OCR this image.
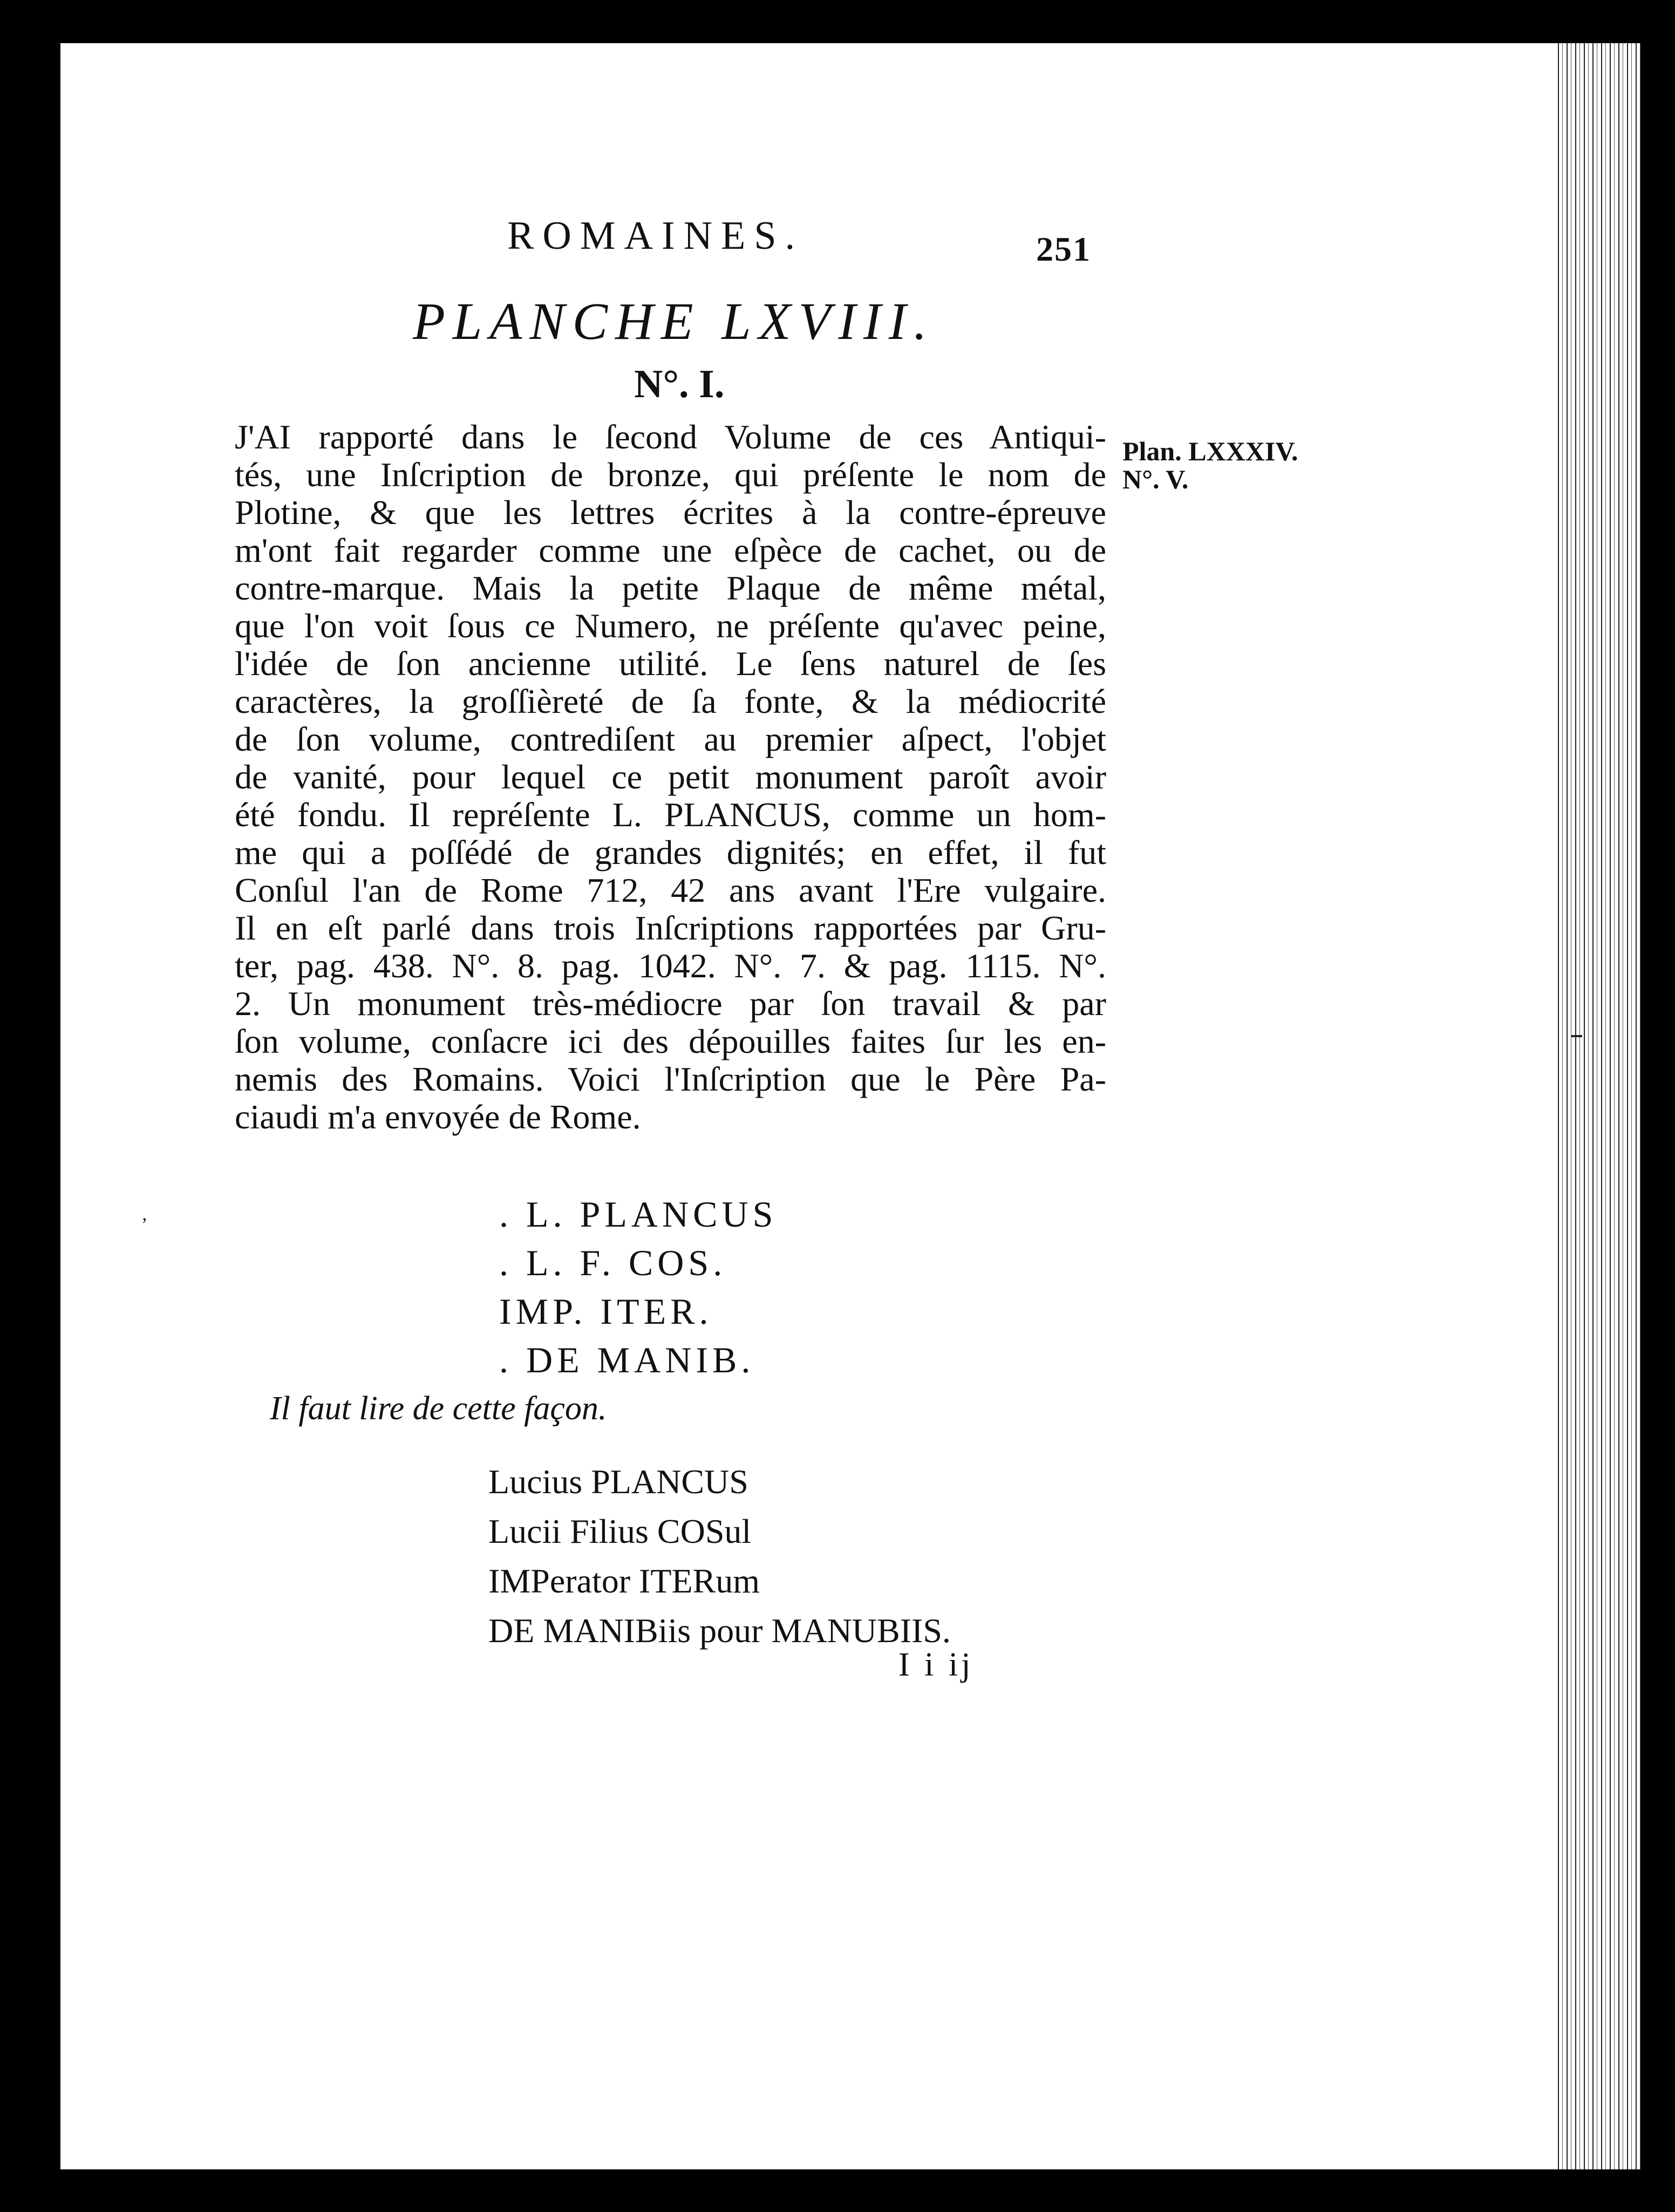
ROMAINES.	251
PLANCHE LXVIII.
N°. I.
Plan. LXXXIV.
N°. V.
J'AI rapporté dans le ſecond Volume de ces Antiqui-
tés, une Inſcription de bronze, qui préſente le nom de
Plotine, & que les lettres écrites à la contre-épreuve
m'ont fait regarder comme une eſpèce de cachet, ou de
contre-marque. Mais la petite Plaque de même métal,
que l'on voit ſous ce Numero, ne préſente qu'avec peine,
l'idée de ſon ancienne utilité. Le ſens naturel de ſes
caractères, la groſſièreté de ſa fonte, & la médiocrité
de ſon volume, contrediſent au premier aſpect, l'objet
de vanité, pour lequel ce petit monument paroît avoir
été fondu. Il repréſente L. PLANCUS, comme un hom-
me qui a poſſédé de grandes dignités; en effet, il fut
Conſul l'an de Rome 712, 42 ans avant l'Ere vulgaire.
Il en eſt parlé dans trois Inſcriptions rapportées par Gru-
ter, pag. 438. N°. 8. pag. 1042. N°. 7. & pag. 1115. N°.
2. Un monument très-médiocre par ſon travail & par
ſon volume, conſacre ici des dépouilles faites ſur les en-
nemis des Romains. Voici l'Inſcription que le Père Pa-
ciaudi m'a envoyée de Rome.
. L. PLANCUS
. L. F. COS.
IMP. ITER.
. DE MANIB.
Il faut lire de cette façon.
Lucius PLANCUS
Lucii Filius COSul
IMPerator ITERum
DE MANIBiis pour MANUBIIS.
I i ij
‚
